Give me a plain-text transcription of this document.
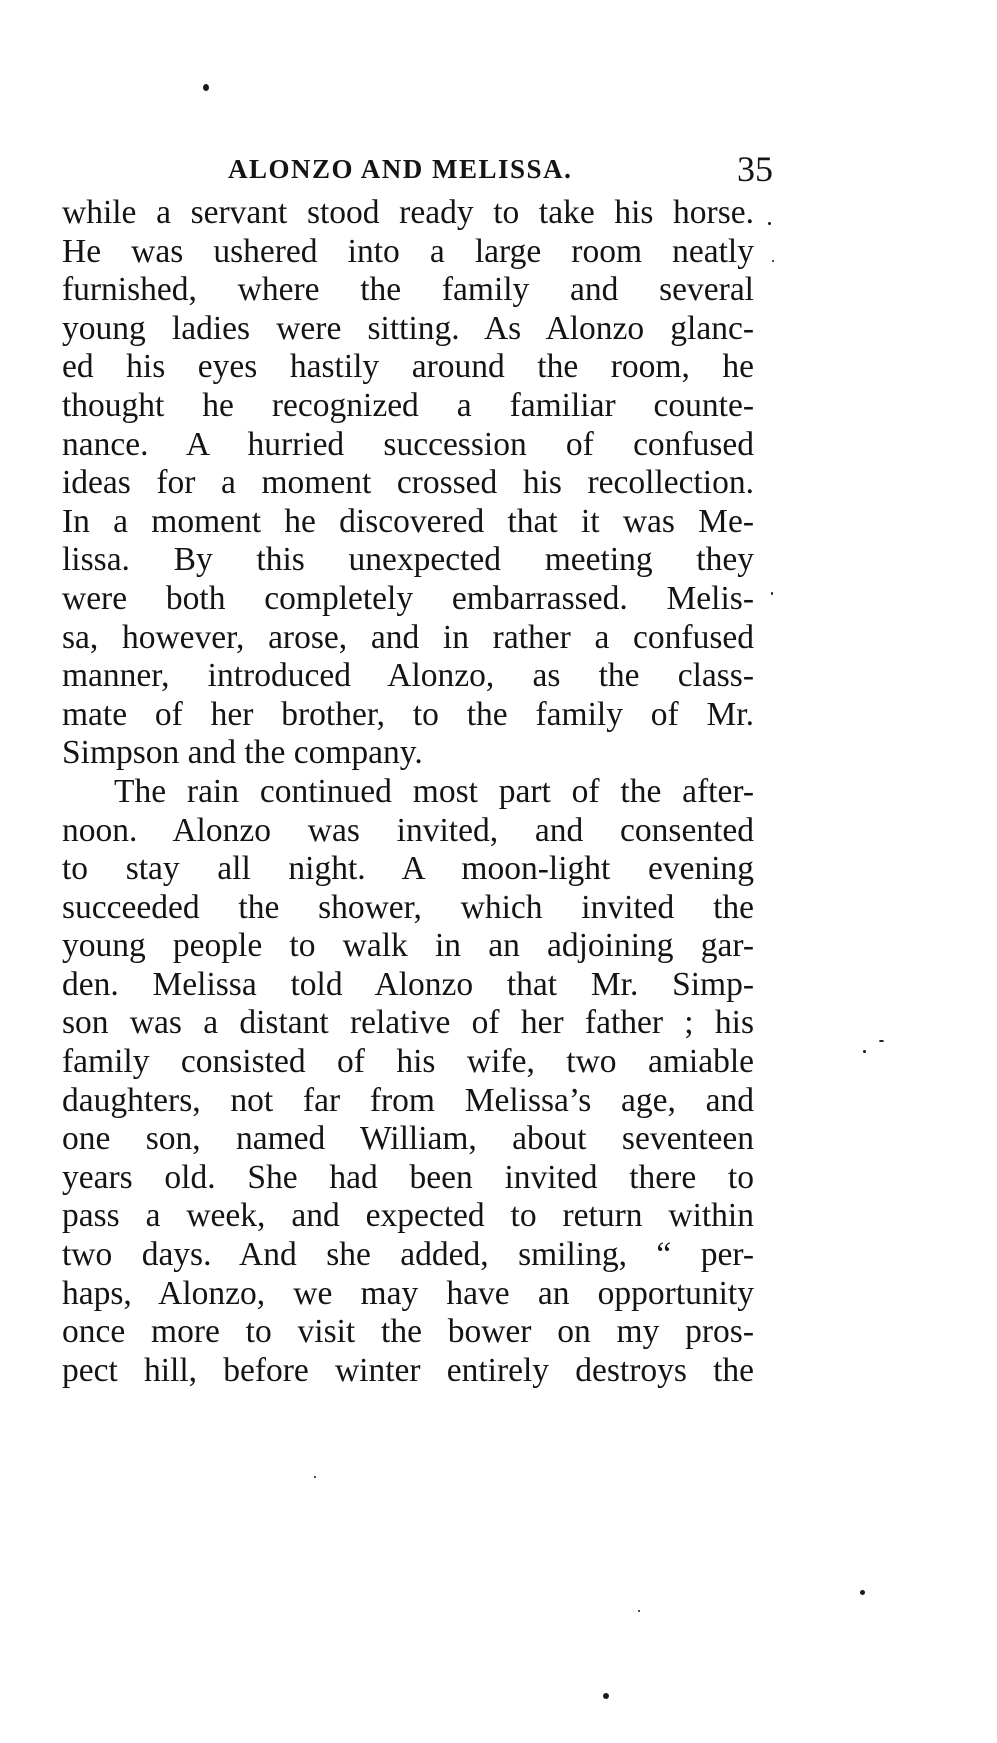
ALONZO AND MELISSA.	35
while a servant stood ready to take his horse.
He was ushered into a large room neatly
furnished, where the family and several
young ladies were sitting. As Alonzo glanc-
ed his eyes hastily around the room, he
thought he recognized a familiar counte-
nance. A hurried succession of confused
ideas for a moment crossed his recollection.
In a moment he discovered that it was Me-
lissa. By this unexpected meeting they
were both completely embarrassed. Melis-
sa, however, arose, and in rather a confused
manner, introduced Alonzo, as the class-
mate of her brother, to the family of Mr.
Simpson and the company.
The rain continued most part of the after-
noon. Alonzo was invited, and consented
to stay all night. A moon-light evening
succeeded the shower, which invited the
young people to walk in an adjoining gar-
den. Melissa told Alonzo that Mr. Simp-
son was a distant relative of her father ; his
family consisted of his wife, two amiable
daughters, not far from Melissa’s age, and
one son, named William, about seventeen
years old. She had been invited there to
pass a week, and expected to return within
two days. And she added, smiling, “ per-
haps, Alonzo, we may have an opportunity
once more to visit the bower on my pros-
pect hill, before winter entirely destroys the
